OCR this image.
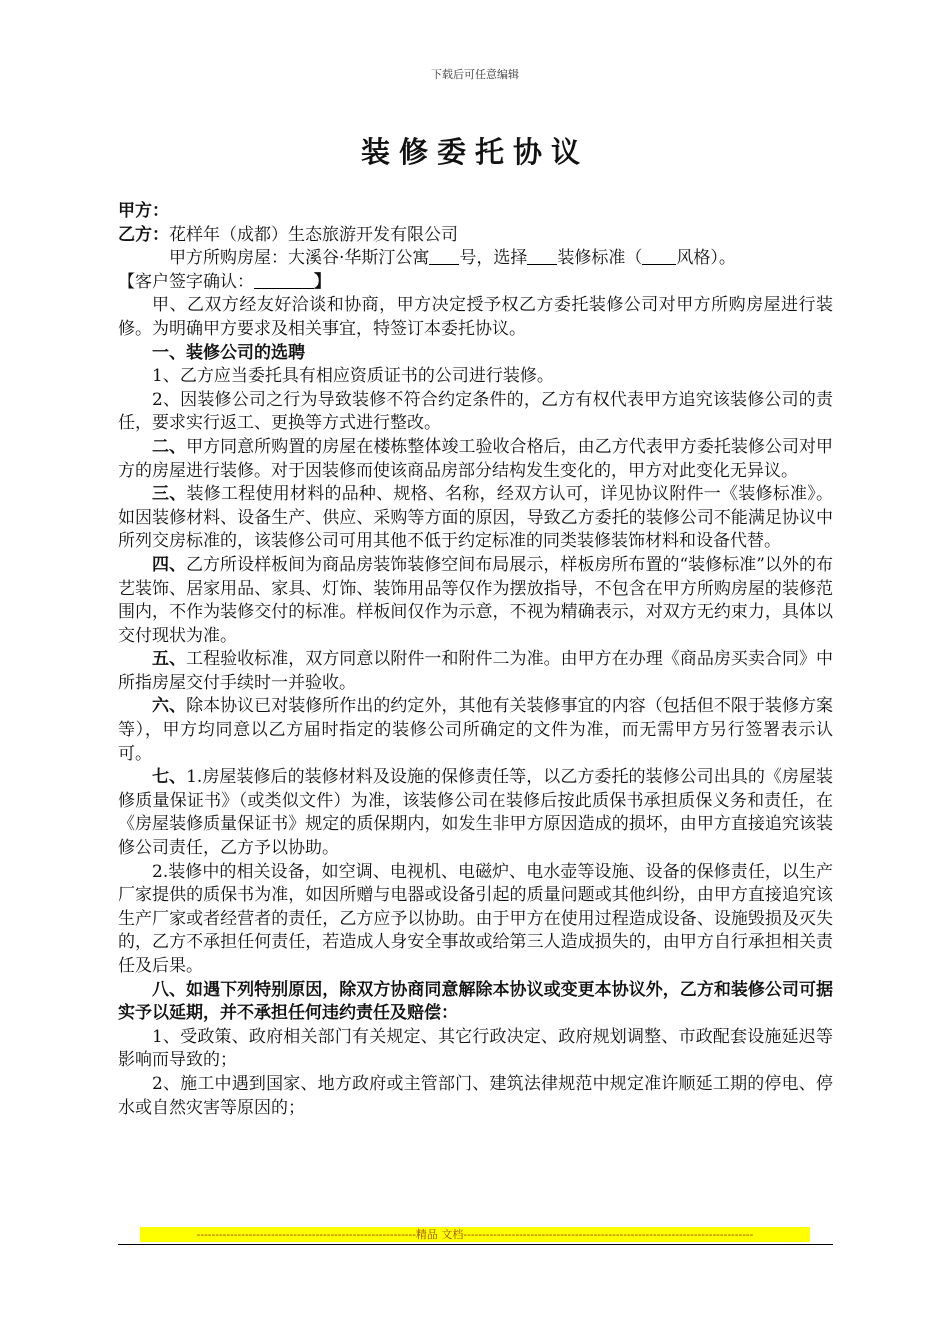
下载后可任意编辑
装修委托协议

甲方：

乙方：花样年（成都）生态旅游开发有限公司

甲方所购房屋：大溪谷·华斯汀公寓 号，选择 装修标准（ 风格）。

【客户签字确认：	】

甲、乙双方经友好洽谈和协商，甲方决定授予权乙方委托装修公司对甲方所购房屋进行装修。为明确甲方要求及相关事宜，特签订本委托协议。

一、装修公司的选聘

1、乙方应当委托具有相应资质证书的公司进行装修。

2、因装修公司之行为导致装修不符合约定条件的，乙方有权代表甲方追究该装修公司的责任，要求实行返工、更换等方式进行整改。

二、甲方同意所购置的房屋在楼栋整体竣工验收合格后，由乙方代表甲方委托装修公司对甲方的房屋进行装修。对于因装修而使该商品房部分结构发生变化的，甲方对此变化无异议。

三、装修工程使用材料的品种、规格、名称，经双方认可，详见协议附件一《装修标准》。如因装修材料、设备生产、供应、采购等方面的原因，导致乙方委托的装修公司不能满足协议中所列交房标准的，该装修公司可用其他不低于约定标准的同类装修装饰材料和设备代替。

四、乙方所设样板间为商品房装饰装修空间布局展示，样板房所布置的“装修标准”以外的布艺装饰、居家用品、家具、灯饰、装饰用品等仅作为摆放指导，不包含在甲方所购房屋的装修范围内，不作为装修交付的标准。样板间仅作为示意，不视为精确表示，对双方无约束力，具体以交付现状为准。

五、工程验收标准，双方同意以附件一和附件二为准。由甲方在办理《商品房买卖合同》中所指房屋交付手续时一并验收。

六、除本协议已对装修所作出的约定外，其他有关装修事宜的内容（包括但不限于装修方案等），甲方均同意以乙方届时指定的装修公司所确定的文件为准，而无需甲方另行签署表示认可。

七、1.房屋装修后的装修材料及设施的保修责任等，以乙方委托的装修公司出具的《房屋装修质量保证书》（或类似文件）为准，该装修公司在装修后按此质保书承担质保义务和责任，在《房屋装修质量保证书》规定的质保期内，如发生非甲方原因造成的损坏，由甲方直接追究该装修公司责任，乙方予以协助。

2.装修中的相关设备，如空调、电视机、电磁炉、电水壶等设施、设备的保修责任，以生产厂家提供的质保书为准，如因所赠与电器或设备引起的质量问题或其他纠纷，由甲方直接追究该生产厂家或者经营者的责任，乙方应予以协助。由于甲方在使用过程造成设备、设施毁损及灭失的，乙方不承担任何责任，若造成人身安全事故或给第三人造成损失的，由甲方自行承担相关责任及后果。

八、如遇下列特别原因，除双方协商同意解除本协议或变更本协议外，乙方和装修公司可据实予以延期，并不承担任何违约责任及赔偿：

1、受政策、政府相关部门有关规定、其它行政决定、政府规划调整、市政配套设施延迟等影响而导致的；

2、施工中遇到国家、地方政府或主管部门、建筑法律规范中规定准许顺延工期的停电、停水或自然灾害等原因的；

-----------------------------------------------------------精品 文档------------------------------------------------------------------------------
